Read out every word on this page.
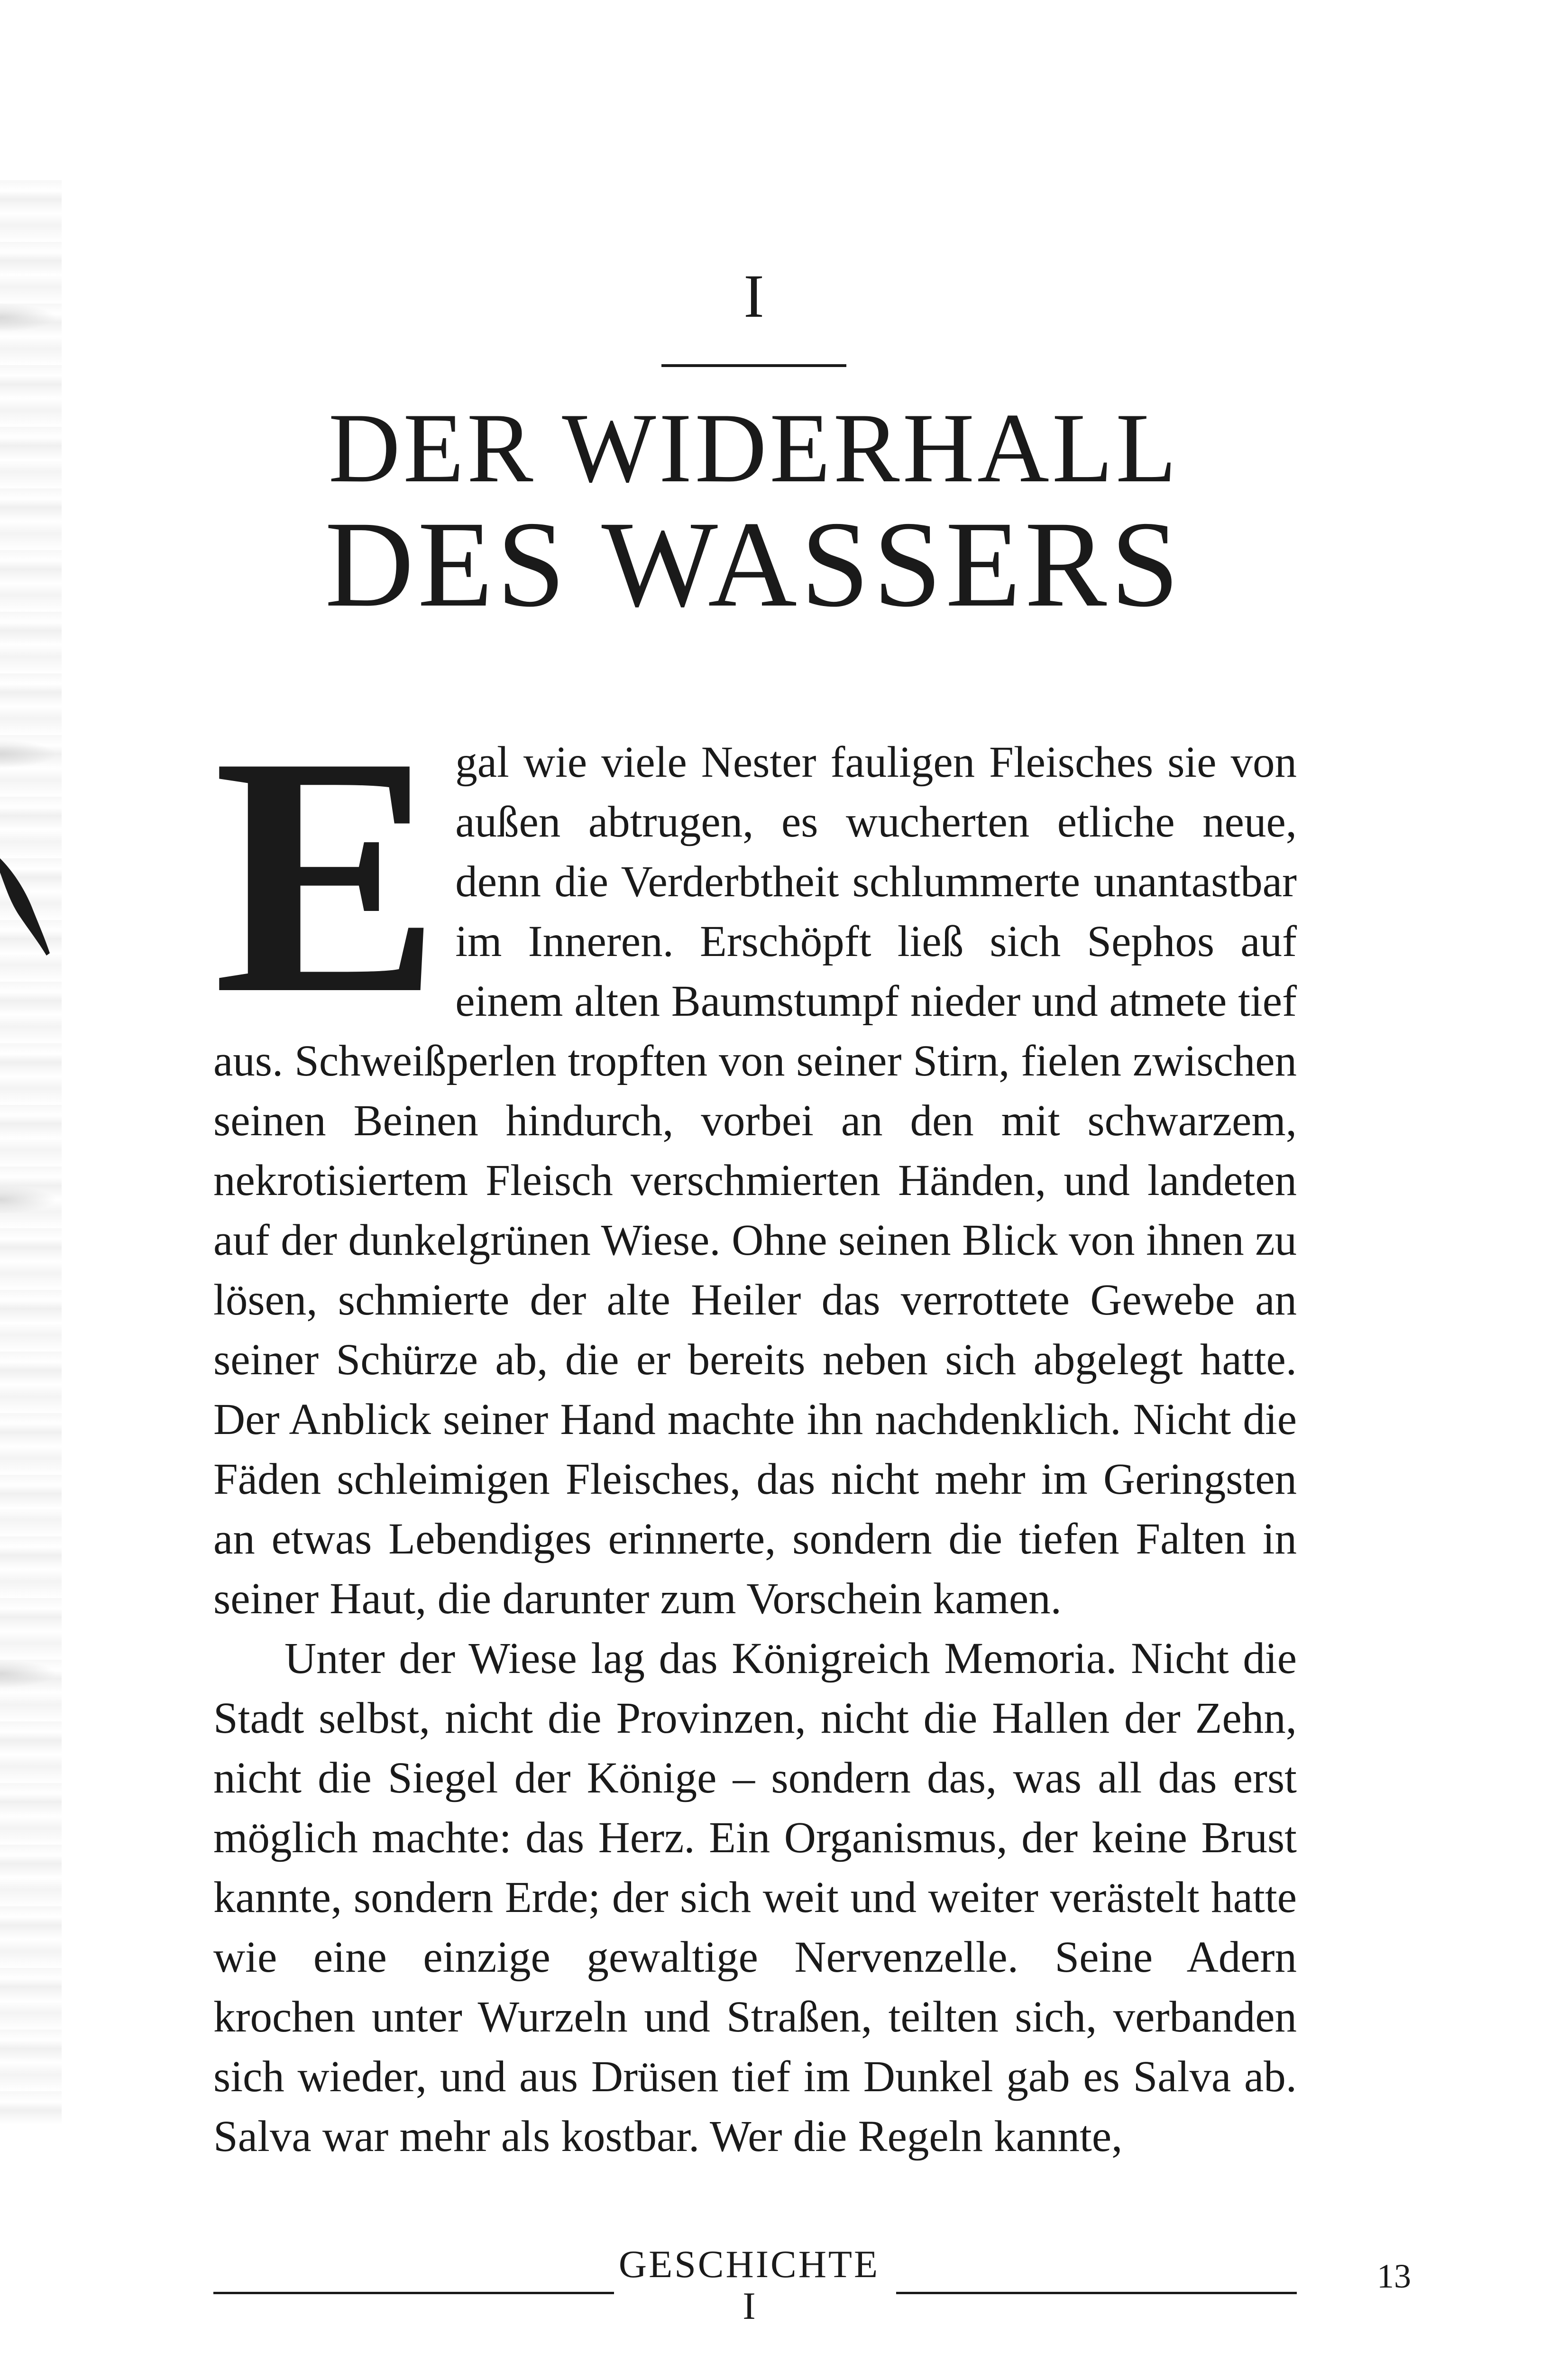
I
DER WIDERHALL
DES WASSERS

Egal wie viele Nester fauligen Fleisches sie von außen abtrugen, es wucherten etliche neue, denn die Verderbtheit schlummerte unantastbar im Inneren. Erschöpft ließ sich Sephos auf einem alten Baumstumpf nieder und atmete tief aus. Schweißperlen tropften von seiner Stirn, fielen zwischen seinen Beinen hindurch, vorbei an den mit schwarzem, nekrotisiertem Fleisch verschmierten Händen, und landeten auf der dunkelgrünen Wiese. Ohne seinen Blick von ihnen zu lösen, schmierte der alte Heiler das verrottete Gewebe an seiner Schürze ab, die er bereits neben sich abgelegt hatte. Der Anblick seiner Hand machte ihn nachdenklich. Nicht die Fäden schleimigen Fleisches, das nicht mehr im Geringsten an etwas Lebendiges erinnerte, sondern die tiefen Falten in seiner Haut, die darunter zum Vorschein kamen.

Unter der Wiese lag das Königreich Memoria. Nicht die Stadt selbst, nicht die Provinzen, nicht die Hallen der Zehn, nicht die Siegel der Könige – sondern das, was all das erst möglich machte: das Herz. Ein Organismus, der keine Brust kannte, sondern Erde; der sich weit und weiter verästelt hatte wie eine einzige gewaltige Nervenzelle. Seine Adern krochen unter Wurzeln und Straßen, teilten sich, verbanden sich wieder, und aus Drüsen tief im Dunkel gab es Salva ab. Salva war mehr als kostbar. Wer die Regeln kannte,

GESCHICHTE
I
13
